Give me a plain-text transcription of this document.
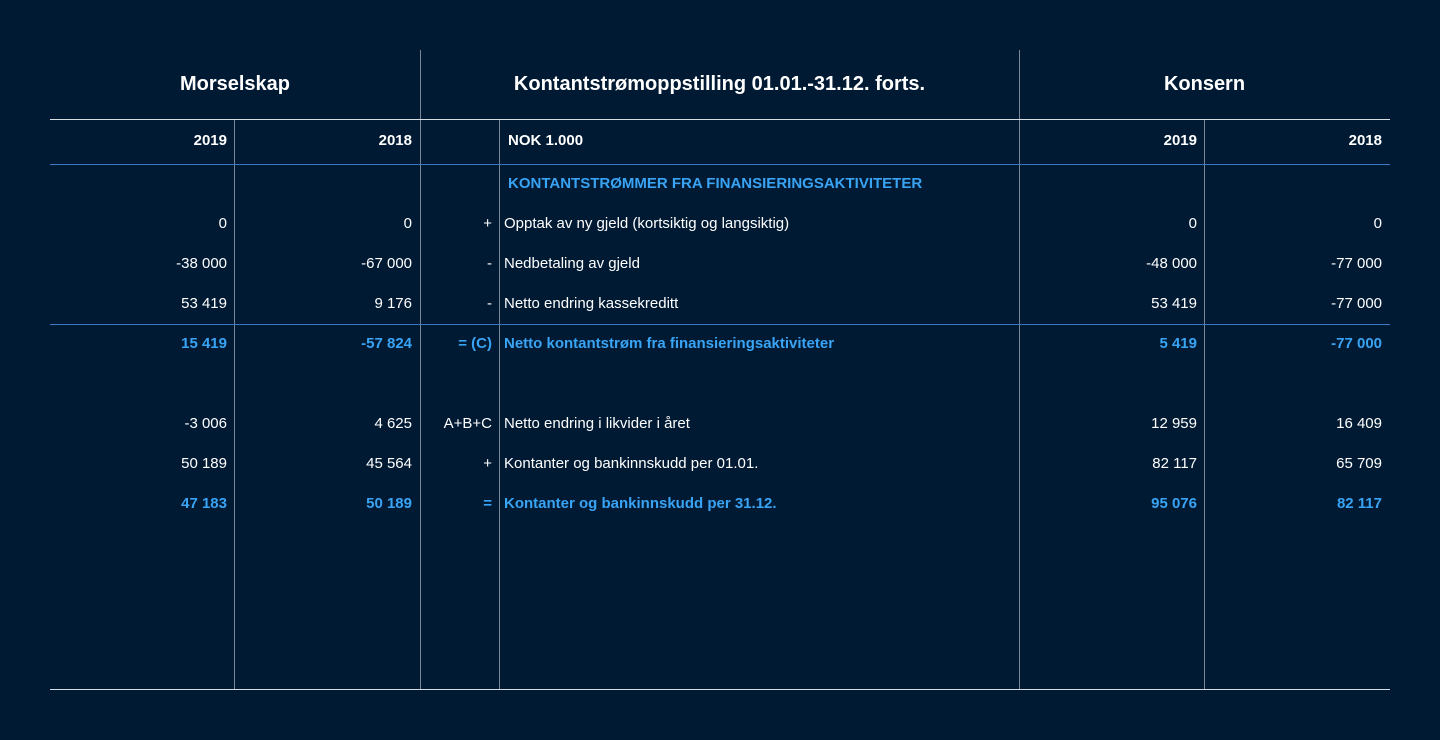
Morselskap	Kontantstrømoppstilling 01.01.-31.12. forts.	Konsern
2019	2018	NOK 1.000	2019	2018
KONTANTSTRØMMER FRA FINANSIERINGSAKTIVITETER
0	0	+ Opptak av ny gjeld (kortsiktig og langsiktig)	0	0
-38 000	-67 000	- Nedbetaling av gjeld	-48 000	-77 000
53 419	9 176	- Netto endring kassekreditt	53 419	-77 000
15 419	-57 824	= (C) Netto kontantstrøm fra finansieringsaktiviteter	5 419	-77 000
-3 006	4 625	A+B+C Netto endring i likvider i året	12 959	16 409
50 189	45 564	+ Kontanter og bankinnskudd per 01.01.	82 117	65 709
47 183	50 189	= Kontanter og bankinnskudd per 31.12.	95 076	82 117
